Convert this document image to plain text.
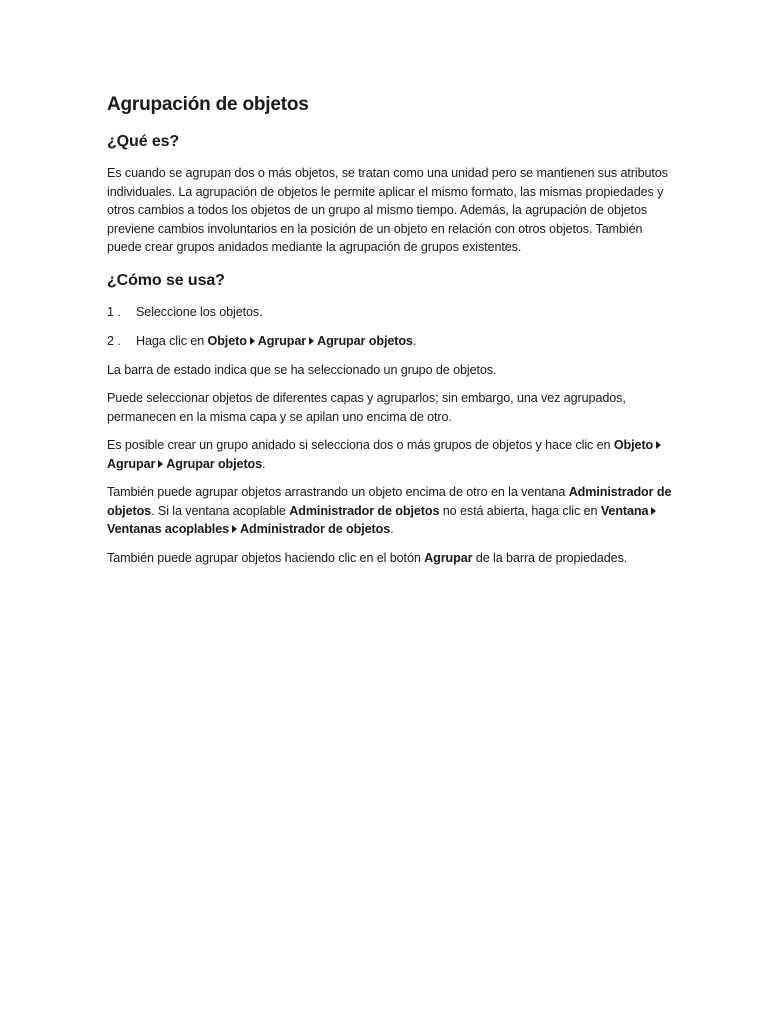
Agrupación de objetos
¿Qué es?

Es cuando se agrupan dos o más objetos, se tratan como una unidad pero se mantienen sus atributos individuales. La agrupación de objetos le permite aplicar el mismo formato, las mismas propiedades y otros cambios a todos los objetos de un grupo al mismo tiempo. Además, la agrupación de objetos previene cambios involuntarios en la posición de un objeto en relación con otros objetos. También puede crear grupos anidados mediante la agrupación de grupos existentes.

¿Cómo se usa?
1 .	Seleccione los objetos.
2 .	Haga clic en Objeto Agrupar Agrupar objetos.

La barra de estado indica que se ha seleccionado un grupo de objetos.

Puede seleccionar objetos de diferentes capas y agruparlos; sin embargo, una vez agrupados, permanecen en la misma capa y se apilan uno encima de otro.

Es posible crear un grupo anidado si selecciona dos o más grupos de objetos y hace clic en ObjetoAgrupar Agrupar objetos.

También puede agrupar objetos arrastrando un objeto encima de otro en la ventana Administrador de objetos. Si la ventana acoplable Administrador de objetos no está abierta, haga clic en VentanaVentanas acoplables Administrador de objetos.

También puede agrupar objetos haciendo clic en el botón Agrupar de la barra de propiedades.
